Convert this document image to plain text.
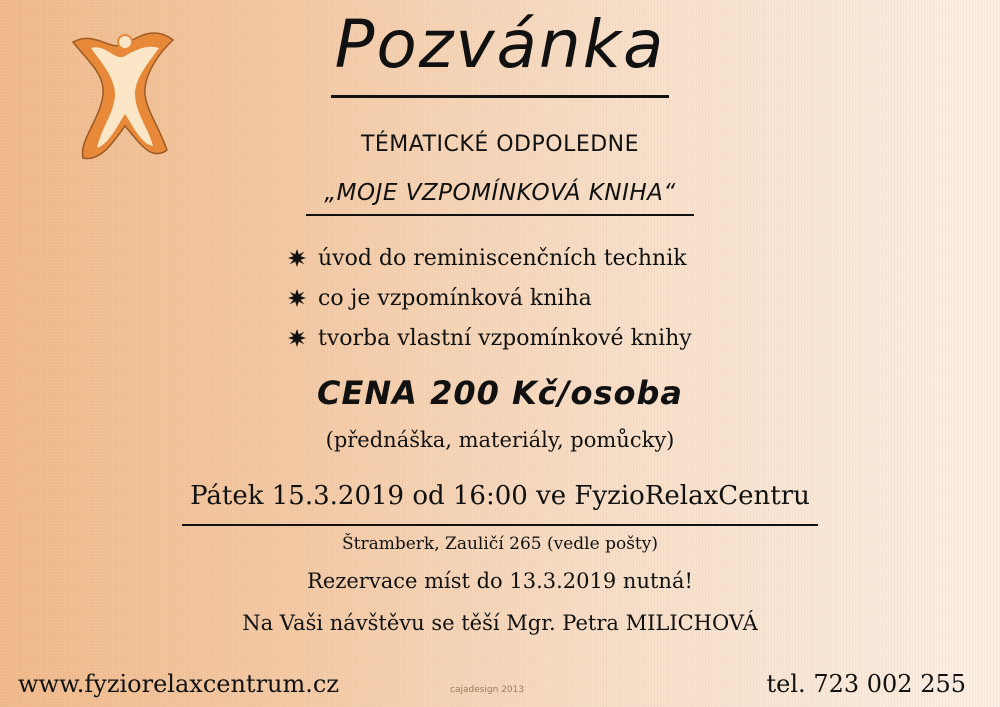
Pozvánka
TÉMATICKÉ ODPOLEDNE
„MOJE VZPOMÍNKOVÁ KNIHA“
úvod do reminiscenčních technik
co je vzpomínková kniha
tvorba vlastní vzpomínkové knihy
CENA 200 Kč/osoba
(přednáška, materiály, pomůcky)
Pátek 15.3.2019 od 16:00 ve FyzioRelaxCentru
Štramberk, Zauličí 265 (vedle pošty)
Rezervace míst do 13.3.2019 nutná!
Na Vaši návštěvu se těší Mgr. Petra MILICHOVÁ
www.fyziorelaxcentrum.cz	cajadesign 2013	tel. 723 002 255
